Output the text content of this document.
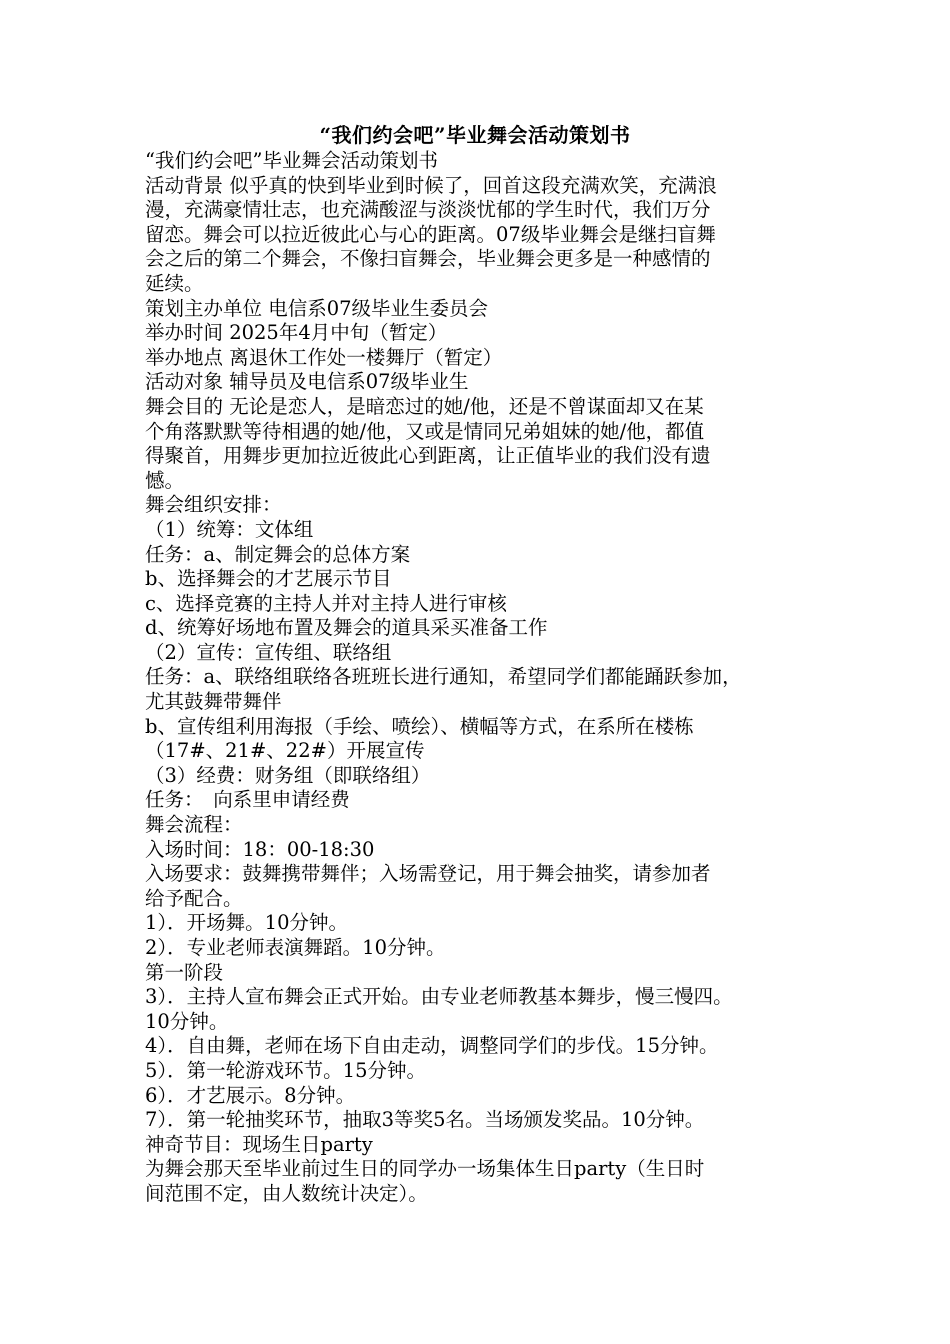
“我们约会吧”毕业舞会活动策划书
“我们约会吧”毕业舞会活动策划书
活动背景 似乎真的快到毕业到时候了，回首这段充满欢笑，充满浪
漫，充满豪情壮志，也充满酸涩与淡淡忧郁的学生时代，我们万分
留恋。舞会可以拉近彼此心与心的距离。07级毕业舞会是继扫盲舞
会之后的第二个舞会，不像扫盲舞会，毕业舞会更多是一种感情的
延续。
策划主办单位 电信系07级毕业生委员会
举办时间 2025年4月中旬（暂定）
举办地点 离退休工作处一楼舞厅（暂定）
活动对象 辅导员及电信系07级毕业生
舞会目的 无论是恋人，是暗恋过的她/他，还是不曾谋面却又在某
个角落默默等待相遇的她/他，又或是情同兄弟姐妹的她/他，都值
得聚首，用舞步更加拉近彼此心到距离，让正值毕业的我们没有遗
憾。
舞会组织安排：
（1）统筹：文体组
任务：a、制定舞会的总体方案
b、选择舞会的才艺展示节目
c、选择竞赛的主持人并对主持人进行审核
d、统筹好场地布置及舞会的道具采买准备工作
（2）宣传：宣传组、联络组
任务：a、联络组联络各班班长进行通知，希望同学们都能踊跃参加，
尤其鼓舞带舞伴
b、宣传组利用海报（手绘、喷绘）、横幅等方式，在系所在楼栋
（17#、21#、22#）开展宣传
（3）经费：财务组（即联络组）
任务：　向系里申请经费
舞会流程：
入场时间：18：00-18:30
入场要求：鼓舞携带舞伴；入场需登记，用于舞会抽奖，请参加者
给予配合。
1）．开场舞。10分钟。
2）．专业老师表演舞蹈。10分钟。
第一阶段
3）．主持人宣布舞会正式开始。由专业老师教基本舞步，慢三慢四。
10分钟。
4）．自由舞，老师在场下自由走动，调整同学们的步伐。15分钟。
5）．第一轮游戏环节。15分钟。
6）．才艺展示。8分钟。
7）．第一轮抽奖环节，抽取3等奖5名。当场颁发奖品。10分钟。
神奇节目：现场生日party
为舞会那天至毕业前过生日的同学办一场集体生日party（生日时
间范围不定，由人数统计决定）。
